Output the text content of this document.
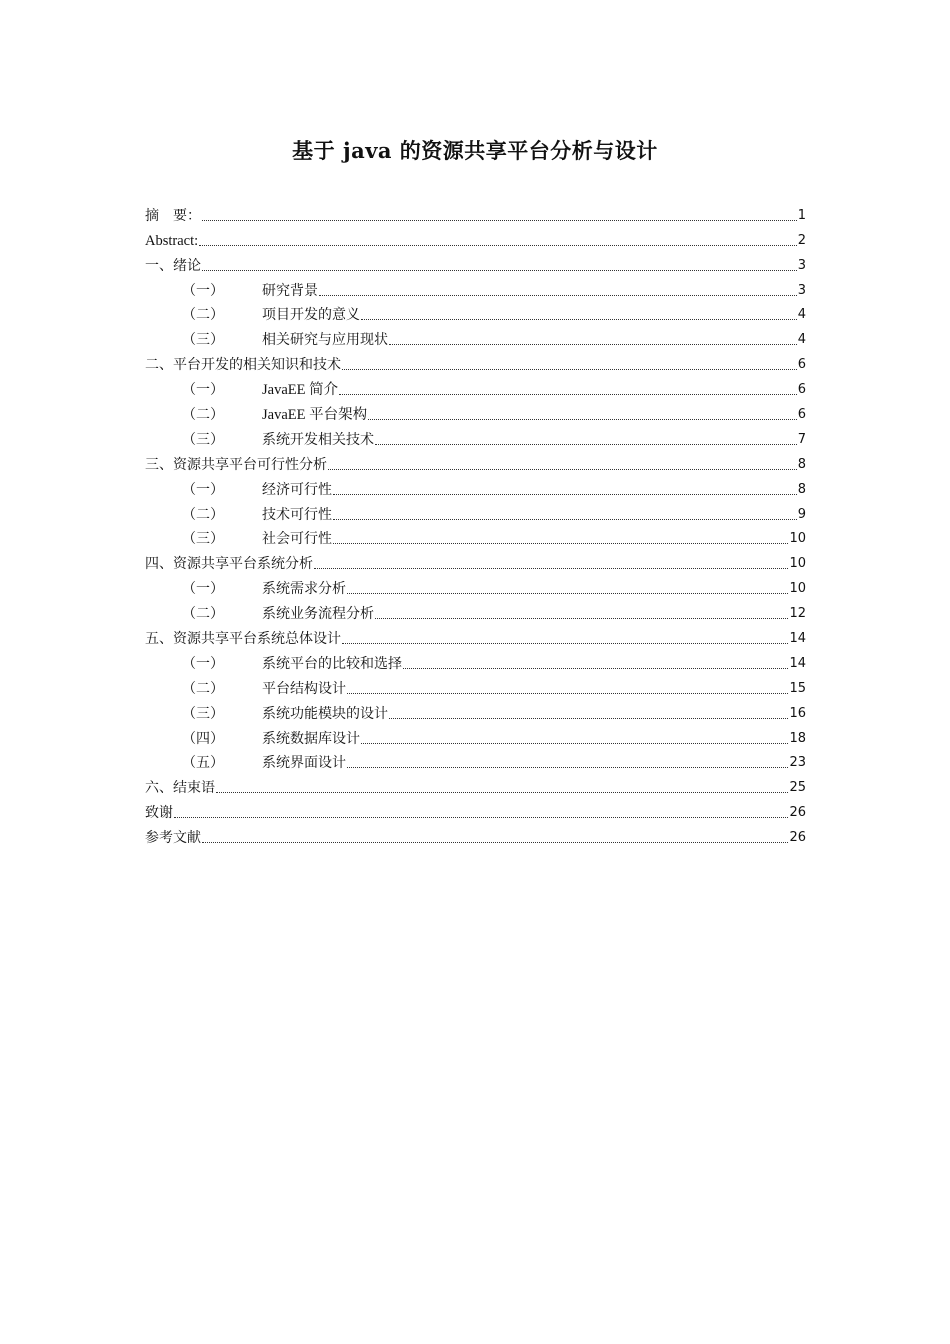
基于 java 的资源共享平台分析与设计
摘　要：	1
Abstract:	2
一、绪论	3
（一）	研究背景	3
（二）	项目开发的意义	4
（三）	相关研究与应用现状	4
二、平台开发的相关知识和技术	6
（一）	JavaEE 简介	6
（二）	JavaEE 平台架构	6
（三）	系统开发相关技术	7
三、资源共享平台可行性分析	8
（一）	经济可行性	8
（二）	技术可行性	9
（三）	社会可行性	10
四、资源共享平台系统分析	10
（一）	系统需求分析	10
（二）	系统业务流程分析	12
五、资源共享平台系统总体设计	14
（一）	系统平台的比较和选择	14
（二）	平台结构设计	15
（三）	系统功能模块的设计	16
（四）	系统数据库设计	18
（五）	系统界面设计	23
六、结束语	25
致谢	26
参考文献	26
